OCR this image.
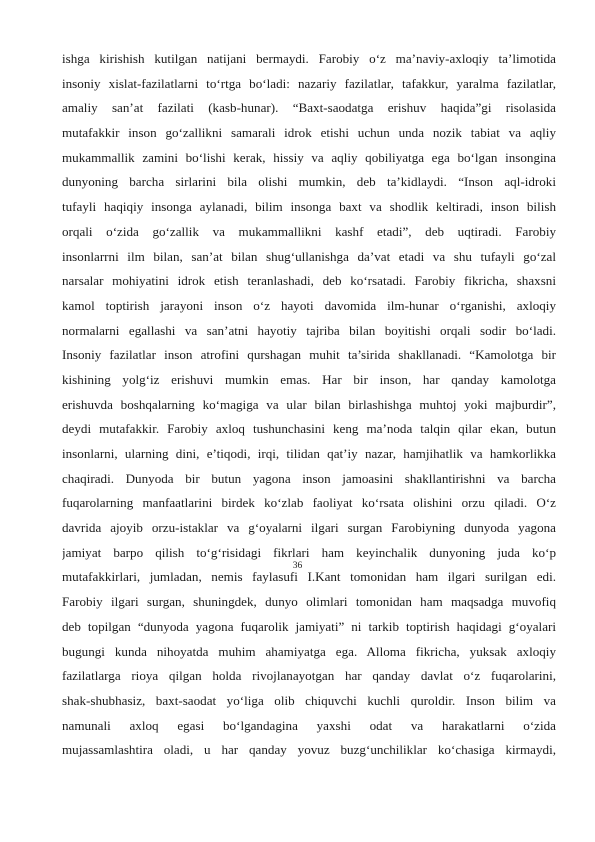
ishga kirishish kutilgan natijani bermaydi. Farobiy o‘z ma’naviy-axloqiy ta’limotida
insoniy xislat-fazilatlarni to‘rtga bo‘ladi: nazariy fazilatlar, tafakkur, yaralma fazilatlar,
amaliy san’at fazilati (kasb-hunar). “Baxt-saodatga erishuv haqida”gi risolasida
mutafakkir inson go‘zallikni samarali idrok etishi uchun unda nozik tabiat va aqliy
mukammallik zamini bo‘lishi kerak, hissiy va aqliy qobiliyatga ega bo‘lgan insongina
dunyoning barcha sirlarini bila olishi mumkin, deb ta’kidlaydi. “Inson aql-idroki
tufayli haqiqiy insonga aylanadi, bilim insonga baxt va shodlik keltiradi, inson bilish
orqali o‘zida go‘zallik va mukammallikni kashf etadi”, deb uqtiradi. Farobiy
insonlarrni ilm bilan, san’at bilan shug‘ullanishga da’vat etadi va shu tufayli go‘zal
narsalar mohiyatini idrok etish teranlashadi, deb ko‘rsatadi. Farobiy fikricha, shaxsni
kamol toptirish jarayoni inson o‘z hayoti davomida ilm-hunar o‘rganishi, axloqiy
normalarni egallashi va san’atni hayotiy tajriba bilan boyitishi orqali sodir bo‘ladi.
Insoniy fazilatlar inson atrofini qurshagan muhit ta’sirida shakllanadi. “Kamolotga bir
kishining yolg‘iz erishuvi mumkin emas. Har bir inson, har qanday kamolotga
erishuvda boshqalarning ko‘magiga va ular bilan birlashishga muhtoj yoki majburdir”,
deydi mutafakkir. Farobiy axloq tushunchasini keng ma’noda talqin qilar ekan, butun
insonlarni, ularning dini, e’tiqodi, irqi, tilidan qat’iy nazar, hamjihatlik va hamkorlikka
chaqiradi. Dunyoda bir butun yagona inson jamoasini shakllantirishni va barcha
fuqarolarning manfaatlarini birdek ko‘zlab faoliyat ko‘rsata olishini orzu qiladi. O‘z
davrida ajoyib orzu-istaklar va g‘oyalarni ilgari surgan Farobiyning dunyoda yagona
jamiyat barpo qilish to‘g‘risidagi fikrlari ham keyinchalik dunyoning juda ko‘p
mutafakkirlari, jumladan, nemis faylasufi I.Kant tomonidan ham ilgari surilgan edi.
Farobiy ilgari surgan, shuningdek, dunyo olimlari tomonidan ham maqsadga muvofiq
deb topilgan “dunyoda yagona fuqarolik jamiyati” ni tarkib toptirish haqidagi g‘oyalari
bugungi kunda nihoyatda muhim ahamiyatga ega. Alloma fikricha, yuksak axloqiy
fazilatlarga rioya qilgan holda rivojlanayotgan har qanday davlat o‘z fuqarolarini,
shak-shubhasiz, baxt-saodat yo‘liga olib chiquvchi kuchli quroldir. Inson bilim va
namunali axloq egasi bo‘lgandagina yaxshi odat va harakatlarni o‘zida
mujassamlashtira oladi, u har qanday yovuz buzg‘unchiliklar ko‘chasiga kirmaydi,
36
